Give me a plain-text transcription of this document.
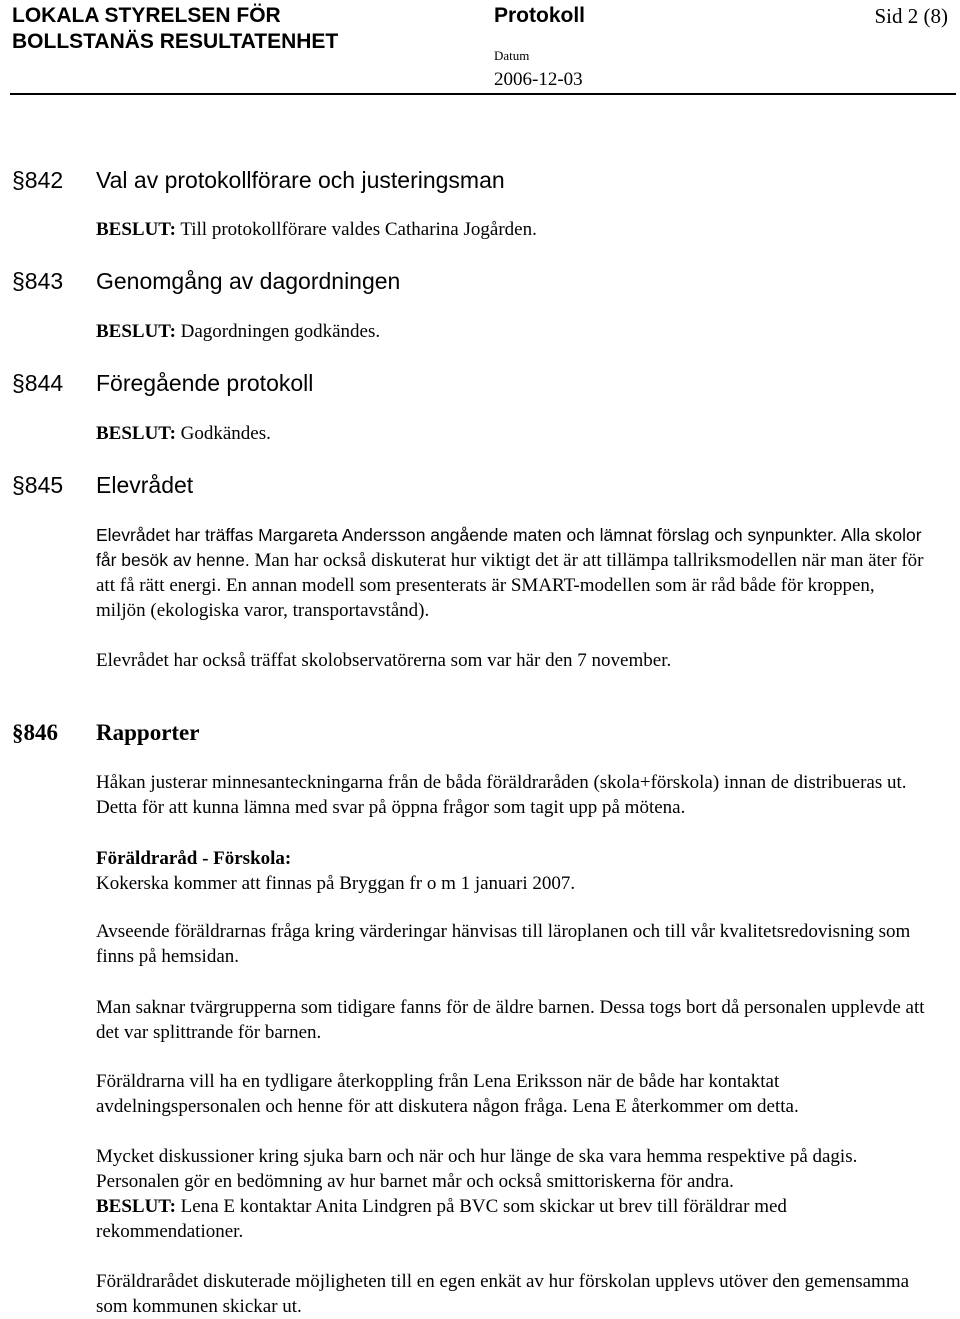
LOKALA STYRELSEN FÖR
BOLLSTANÄS RESULTATENHET
Protokoll	Sid 2 (8)
Datum
2006-12-03
§842 Val av protokollförare och justeringsman
BESLUT: Till protokollförare valdes Catharina Jogården.
§843 Genomgång av dagordningen
BESLUT: Dagordningen godkändes.
§844 Föregående protokoll
BESLUT: Godkändes.
§845 Elevrådet
Elevrådet har träffas Margareta Andersson angående maten och lämnat förslag och synpunkter. Alla skolor får besök av henne. Man har också diskuterat hur viktigt det är att tillämpa tallriksmodellen när man äter för att få rätt energi. En annan modell som presenterats är SMART-modellen som är råd både för kroppen, miljön (ekologiska varor, transportavstånd).
Elevrådet har också träffat skolobservatörerna som var här den 7 november.
§846 Rapporter
Håkan justerar minnesanteckningarna från de båda föräldraråden (skola+förskola) innan de distribueras ut. Detta för att kunna lämna med svar på öppna frågor som tagit upp på mötena.
Föräldraråd - Förskola:
Kokerska kommer att finnas på Bryggan fr o m 1 januari 2007.
Avseende föräldrarnas fråga kring värderingar hänvisas till läroplanen och till vår kvalitetsredovisning som finns på hemsidan.
Man saknar tvärgrupperna som tidigare fanns för de äldre barnen. Dessa togs bort då personalen upplevde att det var splittrande för barnen.
Föräldrarna vill ha en tydligare återkoppling från Lena Eriksson när de både har kontaktat avdelningspersonalen och henne för att diskutera någon fråga. Lena E återkommer om detta.
Mycket diskussioner kring sjuka barn och när och hur länge de ska vara hemma respektive på dagis. Personalen gör en bedömning av hur barnet mår och också smittoriskerna för andra.
BESLUT: Lena E kontaktar Anita Lindgren på BVC som skickar ut brev till föräldrar med rekommendationer.
Föräldrarådet diskuterade möjligheten till en egen enkät av hur förskolan upplevs utöver den gemensamma som kommunen skickar ut.
